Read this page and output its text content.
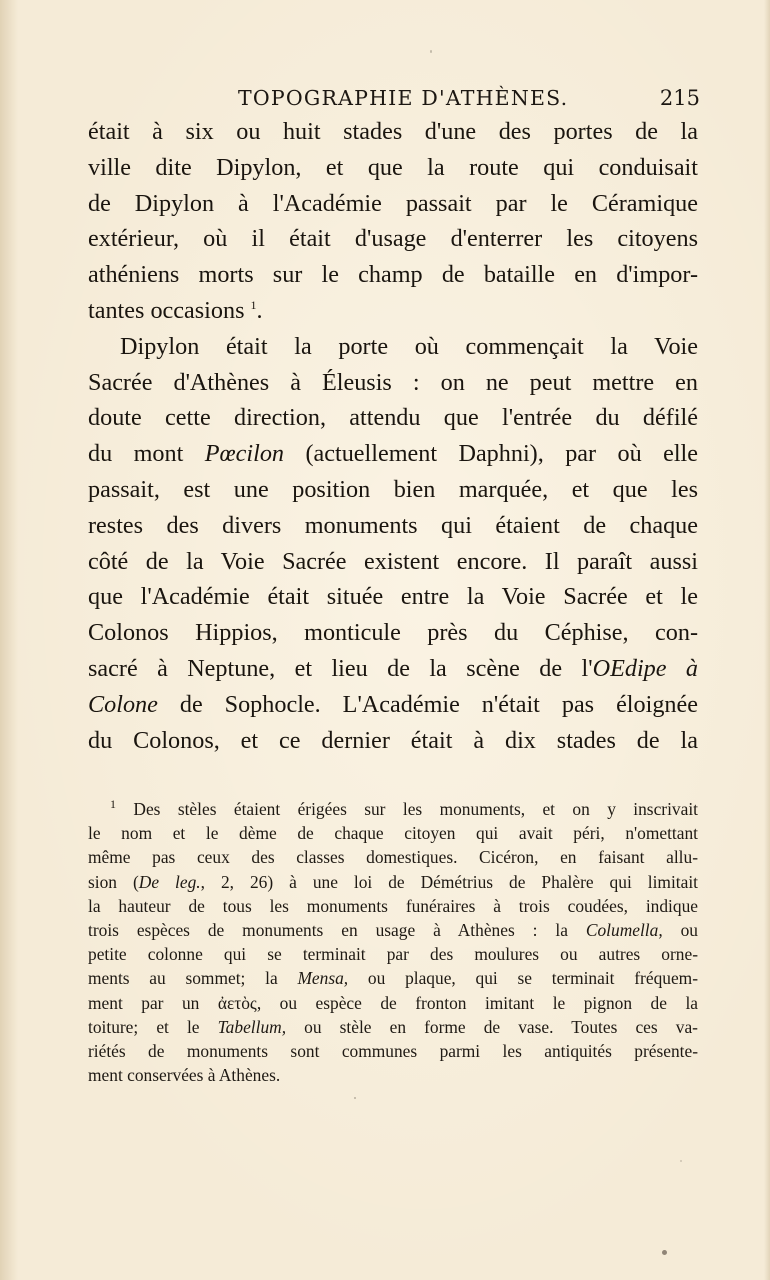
TOPOGRAPHIE D'ATHÈNES.	215
était à six ou huit stades d'une des portes de la
ville dite Dipylon, et que la route qui conduisait
de Dipylon à l'Académie passait par le Céramique
extérieur, où il était d'usage d'enterrer les citoyens
athéniens morts sur le champ de bataille en d'impor-
tantes occasions $^1$.
Dipylon était la porte où commençait la Voie
Sacrée d'Athènes à Éleusis : on ne peut mettre en
doute cette direction, attendu que l'entrée du défilé
du mont Pœcilon (actuellement Daphni), par où elle
passait, est une position bien marquée, et que les
restes des divers monuments qui étaient de chaque
côté de la Voie Sacrée existent encore. Il paraît aussi
que l'Académie était située entre la Voie Sacrée et le
Colonos Hippios, monticule près du Céphise, con-
sacré à Neptune, et lieu de la scène de l'OEdipe à
Colone de Sophocle. L'Académie n'était pas éloignée
du Colonos, et ce dernier était à dix stades de la
$^1$ Des stèles étaient érigées sur les monuments, et on y inscrivait
le nom et le dème de chaque citoyen qui avait péri, n'omettant
même pas ceux des classes domestiques. Cicéron, en faisant allu-
sion (De leg., 2, 26) à une loi de Démétrius de Phalère qui limitait
la hauteur de tous les monuments funéraires à trois coudées, indique
trois espèces de monuments en usage à Athènes : la Columella, ou
petite colonne qui se terminait par des moulures ou autres orne-
ments au sommet; la Mensa, ou plaque, qui se terminait fréquem-
ment par un ἀετὸς, ou espèce de fronton imitant le pignon de la
toiture; et le Tabellum, ou stèle en forme de vase. Toutes ces va-
riétés de monuments sont communes parmi les antiquités présente-
ment conservées à Athènes.
